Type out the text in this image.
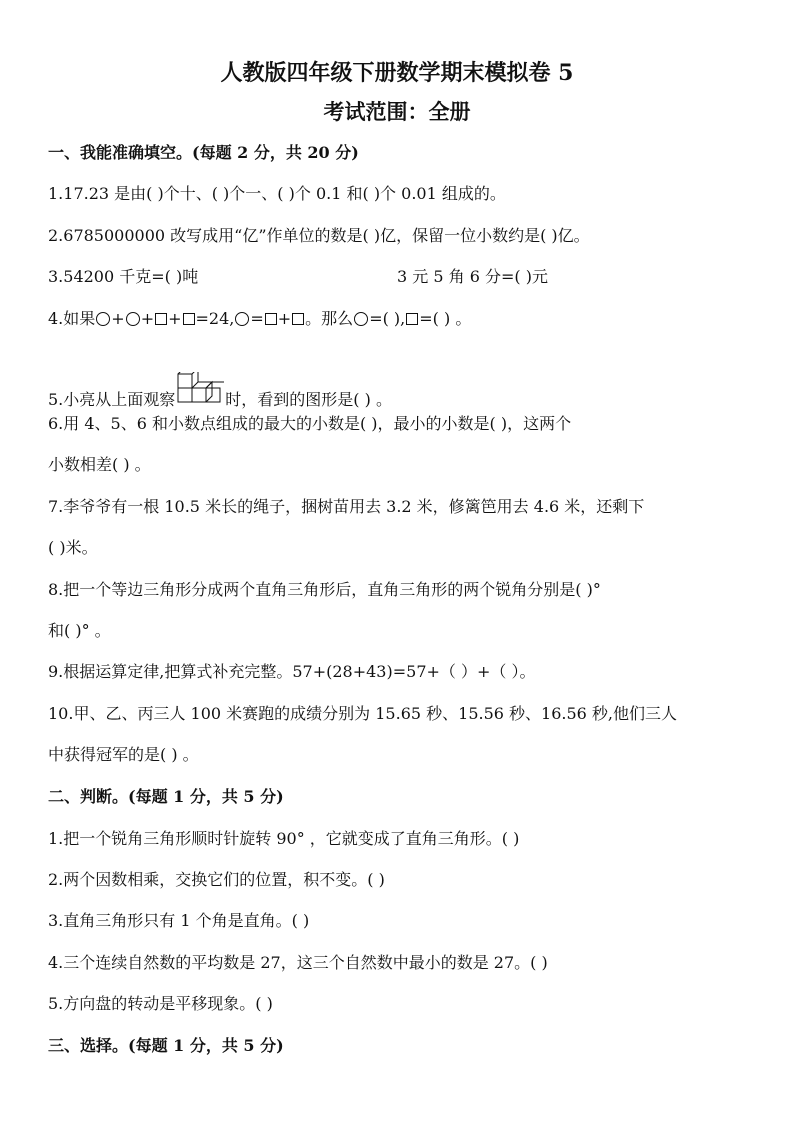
人教版四年级下册数学期末模拟卷 5
考试范围：全册
一、我能准确填空。(每题 2 分，共 20 分)
1.17.23 是由( )个十、( )个一、( )个 0.1 和( )个 0.01 组成的。
2.6785000000 改写成用“亿”作单位的数是( )亿，保留一位小数约是( )亿。
3.54200 千克=( )吨	3 元 5 角 6 分=( )元
4.如果 + + + =24, = + 。那么 =( ), =( ) 。
5.小亮从上面观察	时，看到的图形是( ) 。
6.用 4、5、6 和小数点组成的最大的小数是( )，最小的小数是( )，这两个
小数相差( ) 。
7.李爷爷有一根 10.5 米长的绳子，捆树苗用去 3.2 米，修篱笆用去 4.6 米，还剩下
( )米。
8.把一个等边三角形分成两个直角三角形后，直角三角形的两个锐角分别是( )°
和( )° 。
9.根据运算定律,把算式补充完整。57+(28+43)=57+（ ）+（ ）。
10.甲、乙、丙三人 100 米赛跑的成绩分别为 15.65 秒、15.56 秒、16.56 秒,他们三人
中获得冠军的是( ) 。
二、判断。(每题 1 分，共 5 分)
1.把一个锐角三角形顺时针旋转 90° ，它就变成了直角三角形。( )
2.两个因数相乘，交换它们的位置，积不变。( )
3.直角三角形只有 1 个角是直角。( )
4.三个连续自然数的平均数是 27，这三个自然数中最小的数是 27。( )
5.方向盘的转动是平移现象。( )
三、选择。(每题 1 分，共 5 分)
